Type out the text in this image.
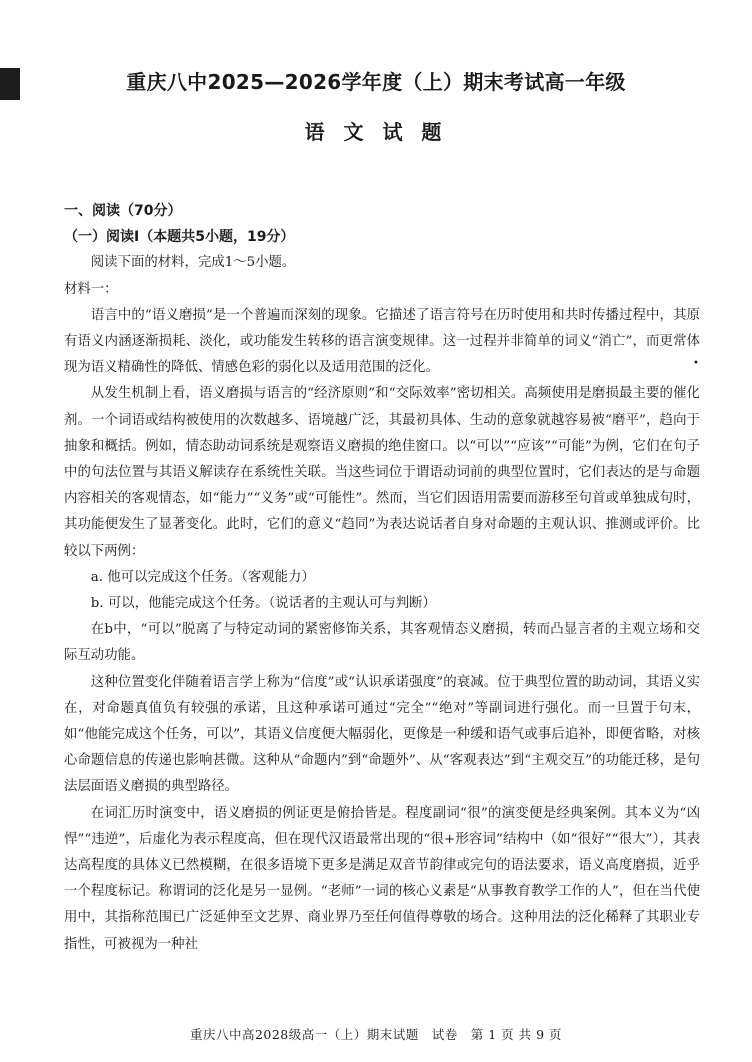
重庆八中2025—2026学年度（上）期末考试高一年级
语 文 试 题

一、阅读（70分）

（一）阅读Ⅰ（本题共5小题，19分）

阅读下面的材料，完成1～5小题。

材料一：

语言中的“语义磨损”是一个普遍而深刻的现象。它描述了语言符号在历时使用和共时传播过程中，其原有语义内涵逐渐损耗、淡化，或功能发生转移的语言演变规律。这一过程并非简单的词义“消亡”，而更常体现为语义精确性的降低、情感色彩的弱化以及适用范围的泛化。

从发生机制上看，语义磨损与语言的“经济原则”和“交际效率”密切相关。高频使用是磨损最主要的催化剂。一个词语或结构被使用的次数越多、语境越广泛，其最初具体、生动的意象就越容易被“磨平”，趋向于抽象和概括。例如，情态助动词系统是观察语义磨损的绝佳窗口。以“可以”“应该”“可能”为例，它们在句子中的句法位置与其语义解读存在系统性关联。当这些词位于谓语动词前的典型位置时，它们表达的是与命题内容相关的客观情态，如“能力”“义务”或“可能性”。然而，当它们因语用需要而游移至句首或单独成句时，其功能便发生了显著变化。此时，它们的意义“趋同”为表达说话者自身对命题的主观认识、推测或评价。比较以下两例：

a. 他可以完成这个任务。（客观能力）

b. 可以，他能完成这个任务。（说话者的主观认可与判断）

在b中，“可以”脱离了与特定动词的紧密修饰关系，其客观情态义磨损，转而凸显言者的主观立场和交际互动功能。

这种位置变化伴随着语言学上称为“信度”或“认识承诺强度”的衰减。位于典型位置的助动词，其语义实在，对命题真值负有较强的承诺，且这种承诺可通过“完全”“绝对”等副词进行强化。而一旦置于句末，如“他能完成这个任务，可以”，其语义信度便大幅弱化，更像是一种缓和语气或事后追补，即便省略，对核心命题信息的传递也影响甚微。这种从“命题内”到“命题外”、从“客观表达”到“主观交互”的功能迁移，是句法层面语义磨损的典型路径。

在词汇历时演变中，语义磨损的例证更是俯拾皆是。程度副词“很”的演变便是经典案例。其本义为“凶悍”“违逆”，后虚化为表示程度高，但在现代汉语最常出现的“很+形容词”结构中（如“很好”“很大”），其表达高程度的具体义已然模糊，在很多语境下更多是满足双音节韵律或完句的语法要求，语义高度磨损，近乎一个程度标记。称谓词的泛化是另一显例。“老师”一词的核心义素是“从事教育教学工作的人”，但在当代使用中，其指称范围已广泛延伸至文艺界、商业界乃至任何值得尊敬的场合。这种用法的泛化稀释了其职业专指性，可被视为一种社

•
重庆八中高2028级高一（上）期末试题　试卷　第 1 页 共 9 页
